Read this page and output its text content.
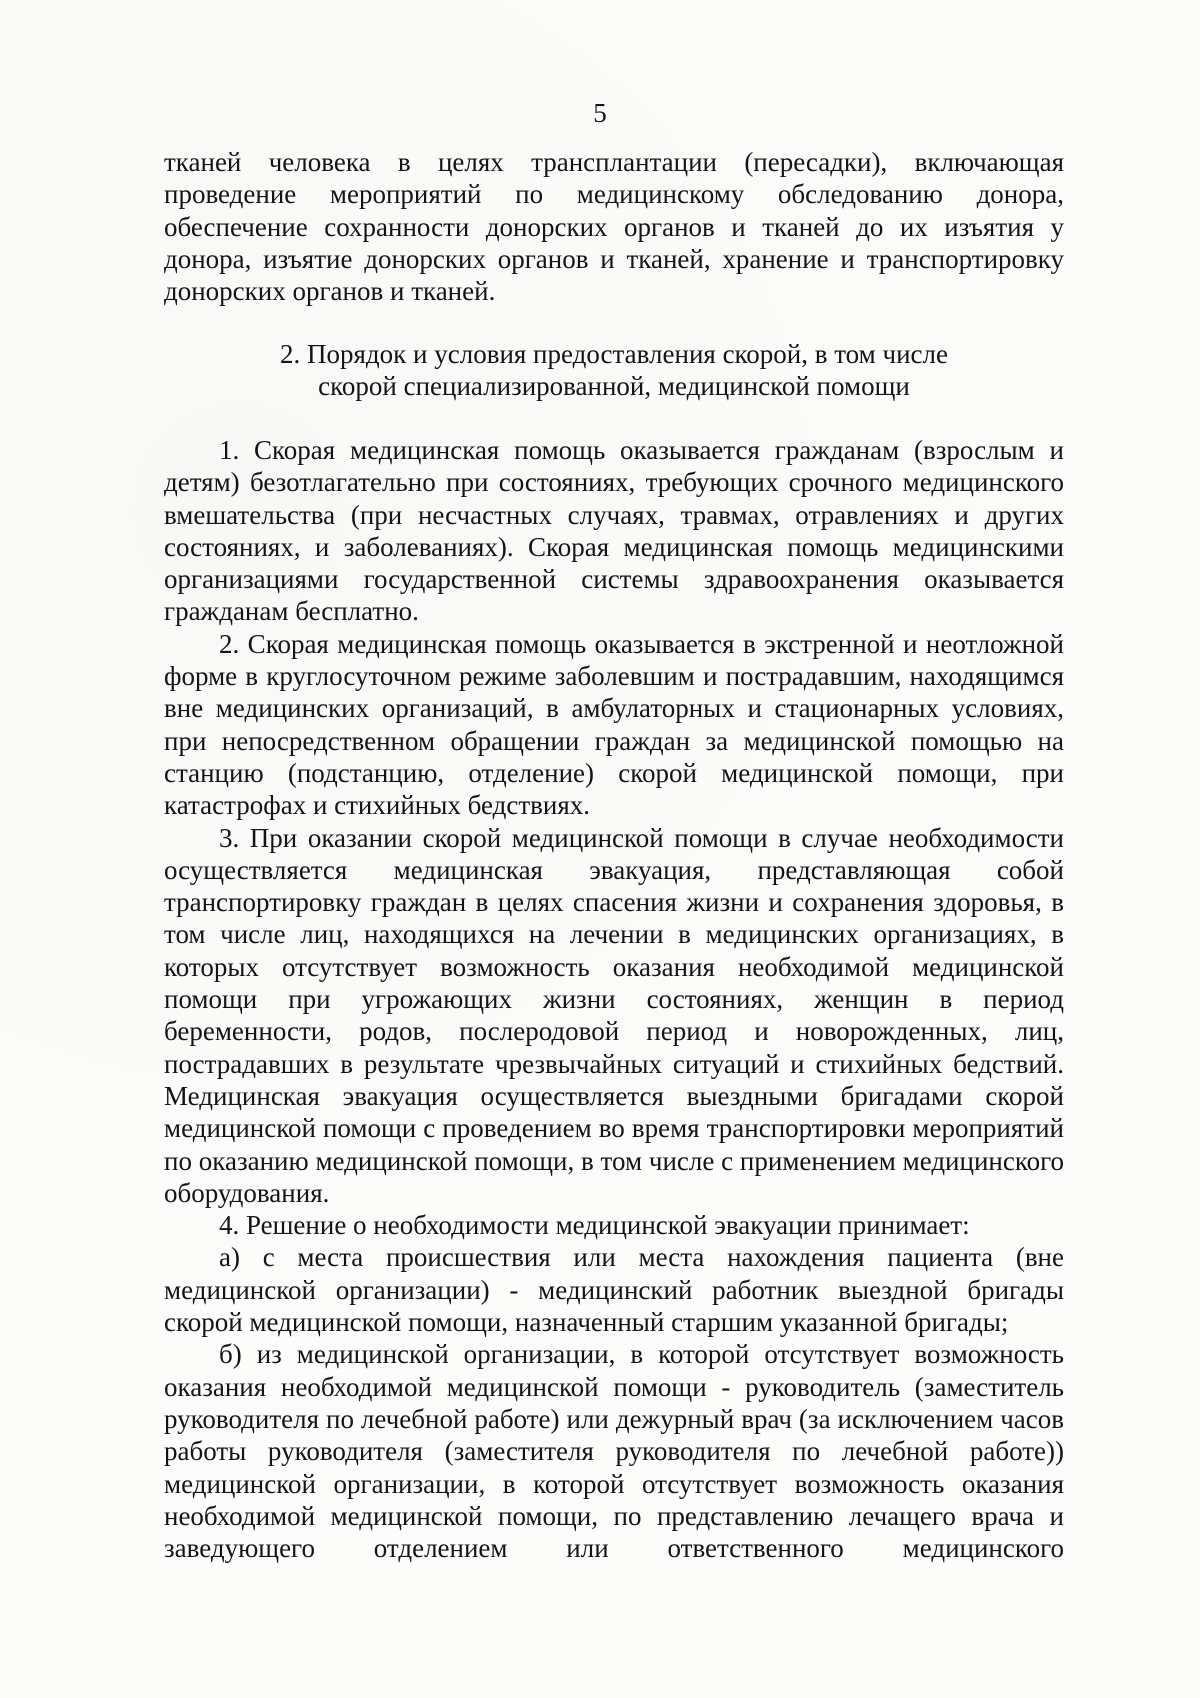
5

тканей человека в целях трансплантации (пересадки), включающая проведение мероприятий по медицинскому обследованию донора, обеспечение сохранности донорских органов и тканей до их изъятия у донора, изъятие донорских органов и тканей, хранение и транспортировку донорских органов и тканей.

2. Порядок и условия предоставления скорой, в том числе
скорой специализированной, медицинской помощи

1. Скорая медицинская помощь оказывается гражданам (взрослым и детям) безотлагательно при состояниях, требующих срочного медицинского вмешательства (при несчастных случаях, травмах, отравлениях и других состояниях, и заболеваниях). Скорая медицинская помощь медицинскими организациями государственной системы здравоохранения оказывается гражданам бесплатно.

2. Скорая медицинская помощь оказывается в экстренной и неотложной форме в круглосуточном режиме заболевшим и пострадавшим, находящимся вне медицинских организаций, в амбулаторных и стационарных условиях, при непосредственном обращении граждан за медицинской помощью на станцию (подстанцию, отделение) скорой медицинской помощи, при катастрофах и стихийных бедствиях.

3. При оказании скорой медицинской помощи в случае необходимости осуществляется медицинская эвакуация, представляющая собой транспортировку граждан в целях спасения жизни и сохранения здоровья, в том числе лиц, находящихся на лечении в медицинских организациях, в которых отсутствует возможность оказания необходимой медицинской помощи при угрожающих жизни состояниях, женщин в период беременности, родов, послеродовой период и новорожденных, лиц, пострадавших в результате чрезвычайных ситуаций и стихийных бедствий. Медицинская эвакуация осуществляется выездными бригадами скорой медицинской помощи с проведением во время транспортировки мероприятий по оказанию медицинской помощи, в том числе с применением медицинского оборудования.

4. Решение о необходимости медицинской эвакуации принимает:

а) с места происшествия или места нахождения пациента (вне медицинской организации) - медицинский работник выездной бригады скорой медицинской помощи, назначенный старшим указанной бригады;

б) из медицинской организации, в которой отсутствует возможность оказания необходимой медицинской помощи - руководитель (заместитель руководителя по лечебной работе) или дежурный врач (за исключением часов работы руководителя (заместителя руководителя по лечебной работе)) медицинской организации, в которой отсутствует возможность оказания необходимой медицинской помощи, по представлению лечащего врача и заведующего отделением или ответственного медицинского
